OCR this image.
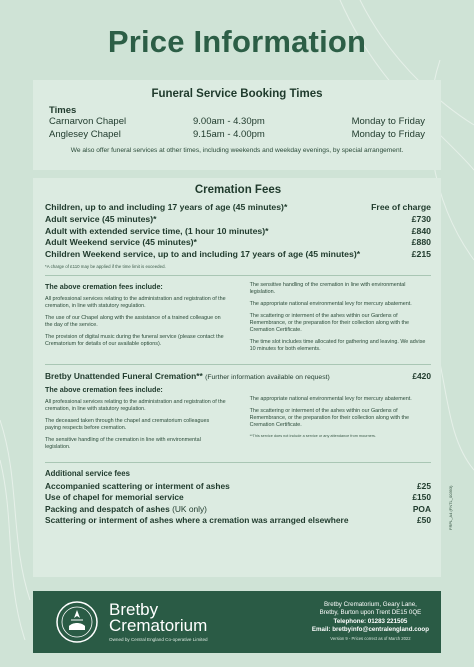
Price Information
Funeral Service Booking Times
Times
Carnarvon Chapel	9.00am - 4.30pm	Monday to Friday
Anglesey Chapel	9.15am - 4.00pm	Monday to Friday
We also offer funeral services at other times, including weekends and weekday evenings, by special arrangement.
Cremation Fees
Children, up to and including 17 years of age (45 minutes)*	Free of charge
Adult service (45 minutes)*	£730
Adult with extended service time, (1 hour 10 minutes)*	£840
Adult Weekend service (45 minutes)*	£880
Children Weekend service, up to and including 17 years of age (45 minutes)*	£215
*A charge of £110 may be applied if the time limit is exceeded.
The above cremation fees include:

All professional services relating to the administration and registration of the cremation, in line with statutory regulation.

The use of our Chapel along with the assistance of a trained colleague on the day of the service.

The provision of digital music during the funeral service (please contact the Crematorium for details of our available options).

The sensitive handling of the cremation in line with environmental legislation.

The appropriate national environmental levy for mercury abatement.

The scattering or interment of the ashes within our Gardens of Remembrance, or the preparation for their collection along with the Cremation Certificate.

The time slot includes time allocated for gathering and leaving. We advise 10 minutes for both elements.

Bretby Unattended Funeral Cremation** (Further information available on request)	£420
The above cremation fees include:

All professional services relating to the administration and registration of the cremation, in line with statutory regulation.

The deceased taken through the chapel and crematorium colleagues paying respects before cremation.

The sensitive handling of the cremation in line with environmental legislation.

The appropriate national environmental levy for mercury abatement.

The scattering or interment of the ashes within our Gardens of Remembrance, or the preparation for their collection along with the Cremation Certificate.

**This service does not include a service or any attendance from mourners.

Additional service fees
Accompanied scattering or interment of ashes	£25
Use of chapel for memorial service	£150
Packing and despatch of ashes (UK only)	POA
Scattering or interment of ashes where a cremation was arranged elsewhere	£50	FRPL_A4 (FNTL_00393)
Bretby
Crematorium
Owned by Central England Co-operative Limited
Bretby Crematorium, Geary Lane,
Bretby, Burton upon Trent DE15 0QE
Telephone: 01283 221505
Email: bretbyinfo@centralengland.coop
Version 9 - Prices correct as of March 2022
